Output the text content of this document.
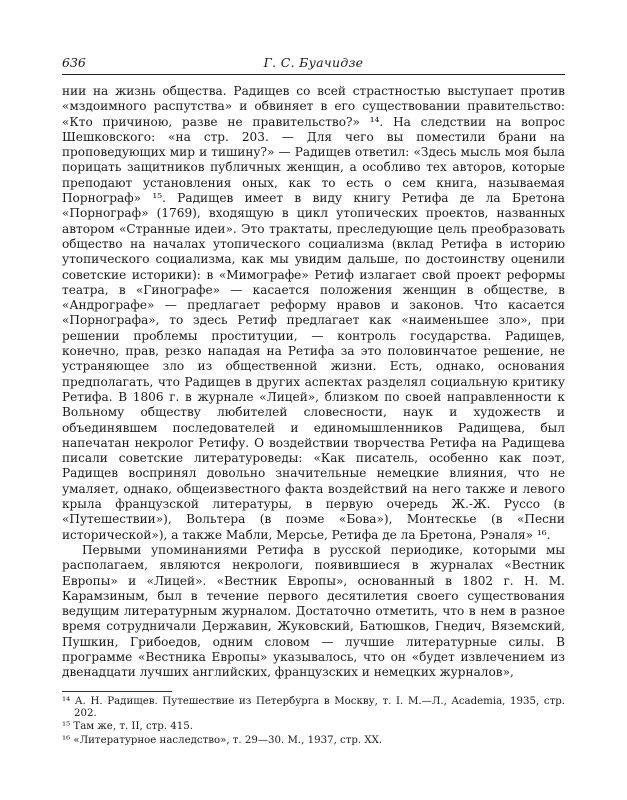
636	Г. С. Буачидзе

нии на жизнь общества. Радищев со всей страстностью выступает против «мздоимного распутства» и обвиняет в его существовании правительство: «Кто причиною, разве не правительство?» ¹⁴. На следствии на вопрос Шешковского: «на стр. 203. — Для чего вы поместили брани на проповедующих мир и тишину?» — Радищев ответил: «Здесь мысль моя была порицать защитников публичных женщин, а особливо тех авторов, которые преподают установления оных, как то есть о сем книга, называемая Порнограф» ¹⁵. Радищев имеет в виду книгу Ретифа де ла Бретона «Порнограф» (1769), входящую в цикл утопических проектов, названных автором «Странные идеи». Это трактаты, преследующие цель преобразовать общество на началах утопического социализма (вклад Ретифа в историю утопического социализма, как мы увидим дальше, по достоинству оценили советские историки): в «Мимографе» Ретиф излагает свой проект реформы театра, в «Гинографе» — касается положения женщин в обществе, в «Андрографе» — предлагает реформу нравов и законов. Что касается «Порнографа», то здесь Ретиф предлагает как «наименьшее зло», при решении проблемы проституции, — контроль государства. Радищев, конечно, прав, резко нападая на Ретифа за это половинчатое решение, не устраняющее зло из общественной жизни. Есть, однако, основания предполагать, что Радищев в других аспектах разделял социальную критику Ретифа. В 1806 г. в журнале «Лицей», близком по своей направленности к Вольному обществу любителей словесности, наук и художеств и объединявшем последователей и единомышленников Радищева, был напечатан некролог Ретифу. О воздействии творчества Ретифа на Радищева писали советские литературоведы: «Как писатель, особенно как поэт, Радищев воспринял довольно значительные немецкие влияния, что не умаляет, однако, общеизвестного факта воздействий на него также и левого крыла французской литературы, в первую очередь Ж.-Ж. Руссо (в «Путешествии»), Вольтера (в поэме «Бова»), Монтескье (в «Песни исторической»), а также Мабли, Мерсье, Ретифа де ла Бретона, Рэналя» ¹⁶.

Первыми упоминаниями Ретифа в русской периодике, которыми мы располагаем, являются некрологи, появившиеся в журналах «Вестник Европы» и «Лицей». «Вестник Европы», основанный в 1802 г. Н. М. Карамзиным, был в течение первого десятилетия своего существования ведущим литературным журналом. Достаточно отметить, что в нем в разное время сотрудничали Державин, Жуковский, Батюшков, Гнедич, Вяземский, Пушкин, Грибоедов, одним словом — лучшие литературные силы. В программе «Вестника Европы» указывалось, что он «будет извлечением из двенадцати лучших английских, французских и немецких журналов»,

¹⁴ А. Н. Радищев. Путешествие из Петербурга в Москву, т. I. М.—Л., Academia, 1935, стр. 202.

¹⁵ Там же, т. II, стр. 415.

¹⁶ «Литературное наследство», т. 29—30. М., 1937, стр. XX.
